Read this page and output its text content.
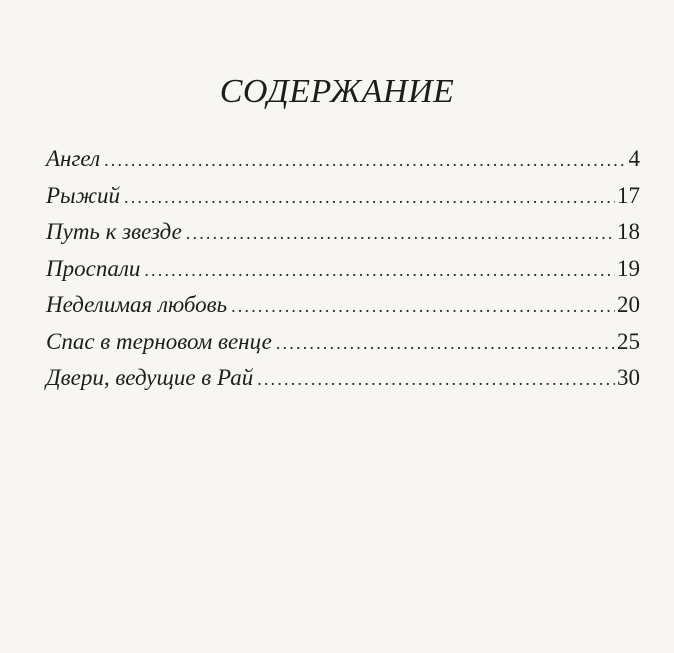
СОДЕРЖАНИЕ
Ангел .....	4
Рыжий .....	17
Путь к звезде .....	18
Проспали .....	19
Неделимая любовь .....	20
Спас в терновом венце .....	25
Двери, ведущие в Рай .....	30
